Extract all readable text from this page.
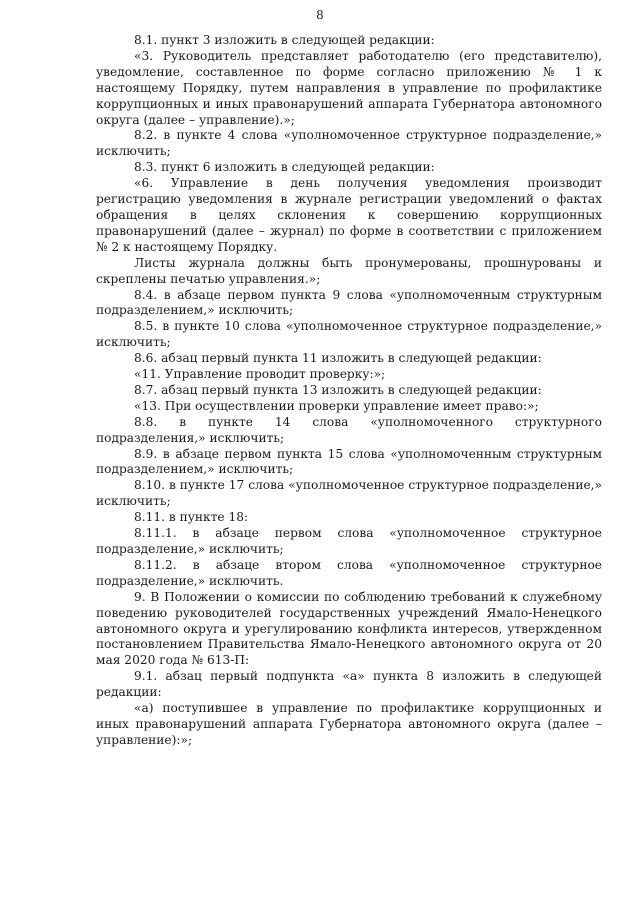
8

8.1. пункт 3 изложить в следующей редакции:

«3. Руководитель представляет работодателю (его представителю), уведомление, составленное по форме согласно приложению № 1 к настоящему Порядку, путем направления в управление по профилактике коррупционных и иных правонарушений аппарата Губернатора автономного округа (далее – управление).»;

8.2. в пункте 4 слова «уполномоченное структурное подразделение,» исключить;

8.3. пункт 6 изложить в следующей редакции:

«6. Управление в день получения уведомления производит регистрацию уведомления в журнале регистрации уведомлений о фактах обращения в целях склонения к совершению коррупционных правонарушений (далее – журнал) по форме в соответствии с приложением № 2 к настоящему Порядку.

Листы журнала должны быть пронумерованы, прошнурованы и скреплены печатью управления.»;

8.4. в абзаце первом пункта 9 слова «уполномоченным структурным подразделением,» исключить;

8.5. в пункте 10 слова «уполномоченное структурное подразделение,» исключить;

8.6. абзац первый пункта 11 изложить в следующей редакции:

«11. Управление проводит проверку:»;

8.7. абзац первый пункта 13 изложить в следующей редакции:

«13. При осуществлении проверки управление имеет право:»;

8.8. в пункте 14 слова «уполномоченного структурного подразделения,» исключить;

8.9. в абзаце первом пункта 15 слова «уполномоченным структурным подразделением,» исключить;

8.10. в пункте 17 слова «уполномоченное структурное подразделение,» исключить;

8.11. в пункте 18:

8.11.1. в абзаце первом слова «уполномоченное структурное подразделение,» исключить;

8.11.2. в абзаце втором слова «уполномоченное структурное подразделение,» исключить.

9. В Положении о комиссии по соблюдению требований к служебному поведению руководителей государственных учреждений Ямало-Ненецкого автономного округа и урегулированию конфликта интересов, утвержденном постановлением Правительства Ямало-Ненецкого автономного округа от 20 мая 2020 года № 613-П:

9.1. абзац первый подпункта «а» пункта 8 изложить в следующей редакции:

«а) поступившее в управление по профилактике коррупционных и иных правонарушений аппарата Губернатора автономного округа (далее – управление):»;
